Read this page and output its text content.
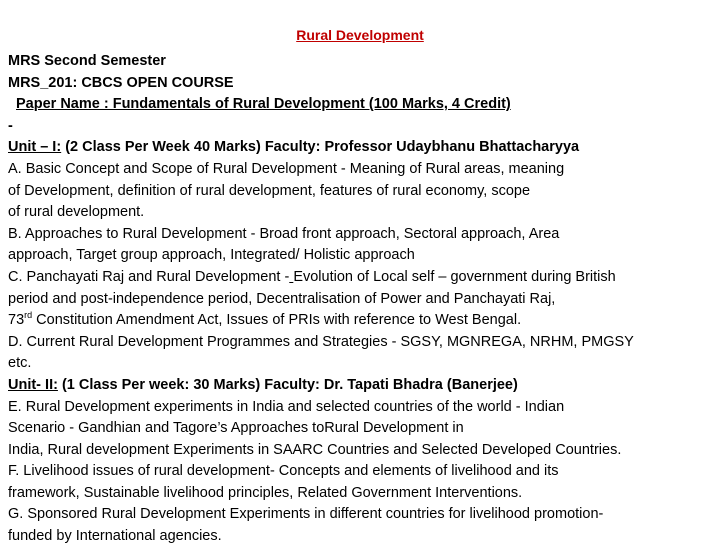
Rural Development

MRS Second Semester

MRS_201: CBCS OPEN COURSE

Paper Name : Fundamentals of Rural Development (100 Marks, 4 Credit)

-

Unit – I: (2 Class Per Week 40 Marks) Faculty: Professor Udaybhanu Bhattacharyya

A. Basic Concept and Scope of Rural Development - Meaning of Rural areas, meaning

of Development, definition of rural development, features of rural economy, scope

of rural development.

B. Approaches to Rural Development - Broad front approach, Sectoral approach, Area

approach, Target group approach, Integrated/ Holistic approach

C. Panchayati Raj and Rural Development - Evolution of Local self – government during British

period and post-independence period, Decentralisation of Power and Panchayati Raj,

73rd Constitution Amendment Act, Issues of PRIs with reference to West Bengal.

D. Current Rural Development Programmes and Strategies - SGSY, MGNREGA, NRHM, PMGSY

etc.

Unit- II: (1 Class Per week: 30 Marks) Faculty: Dr. Tapati Bhadra (Banerjee)

E. Rural Development experiments in India and selected countries of the world - Indian

Scenario - Gandhian and Tagore’s Approaches toRural Development in

India, Rural development Experiments in SAARC Countries and Selected Developed Countries.

F. Livelihood issues of rural development- Concepts and elements of livelihood and its

framework, Sustainable livelihood principles, Related Government Interventions.

G. Sponsored Rural Development Experiments in different countries for livelihood promotion-

funded by International agencies.
